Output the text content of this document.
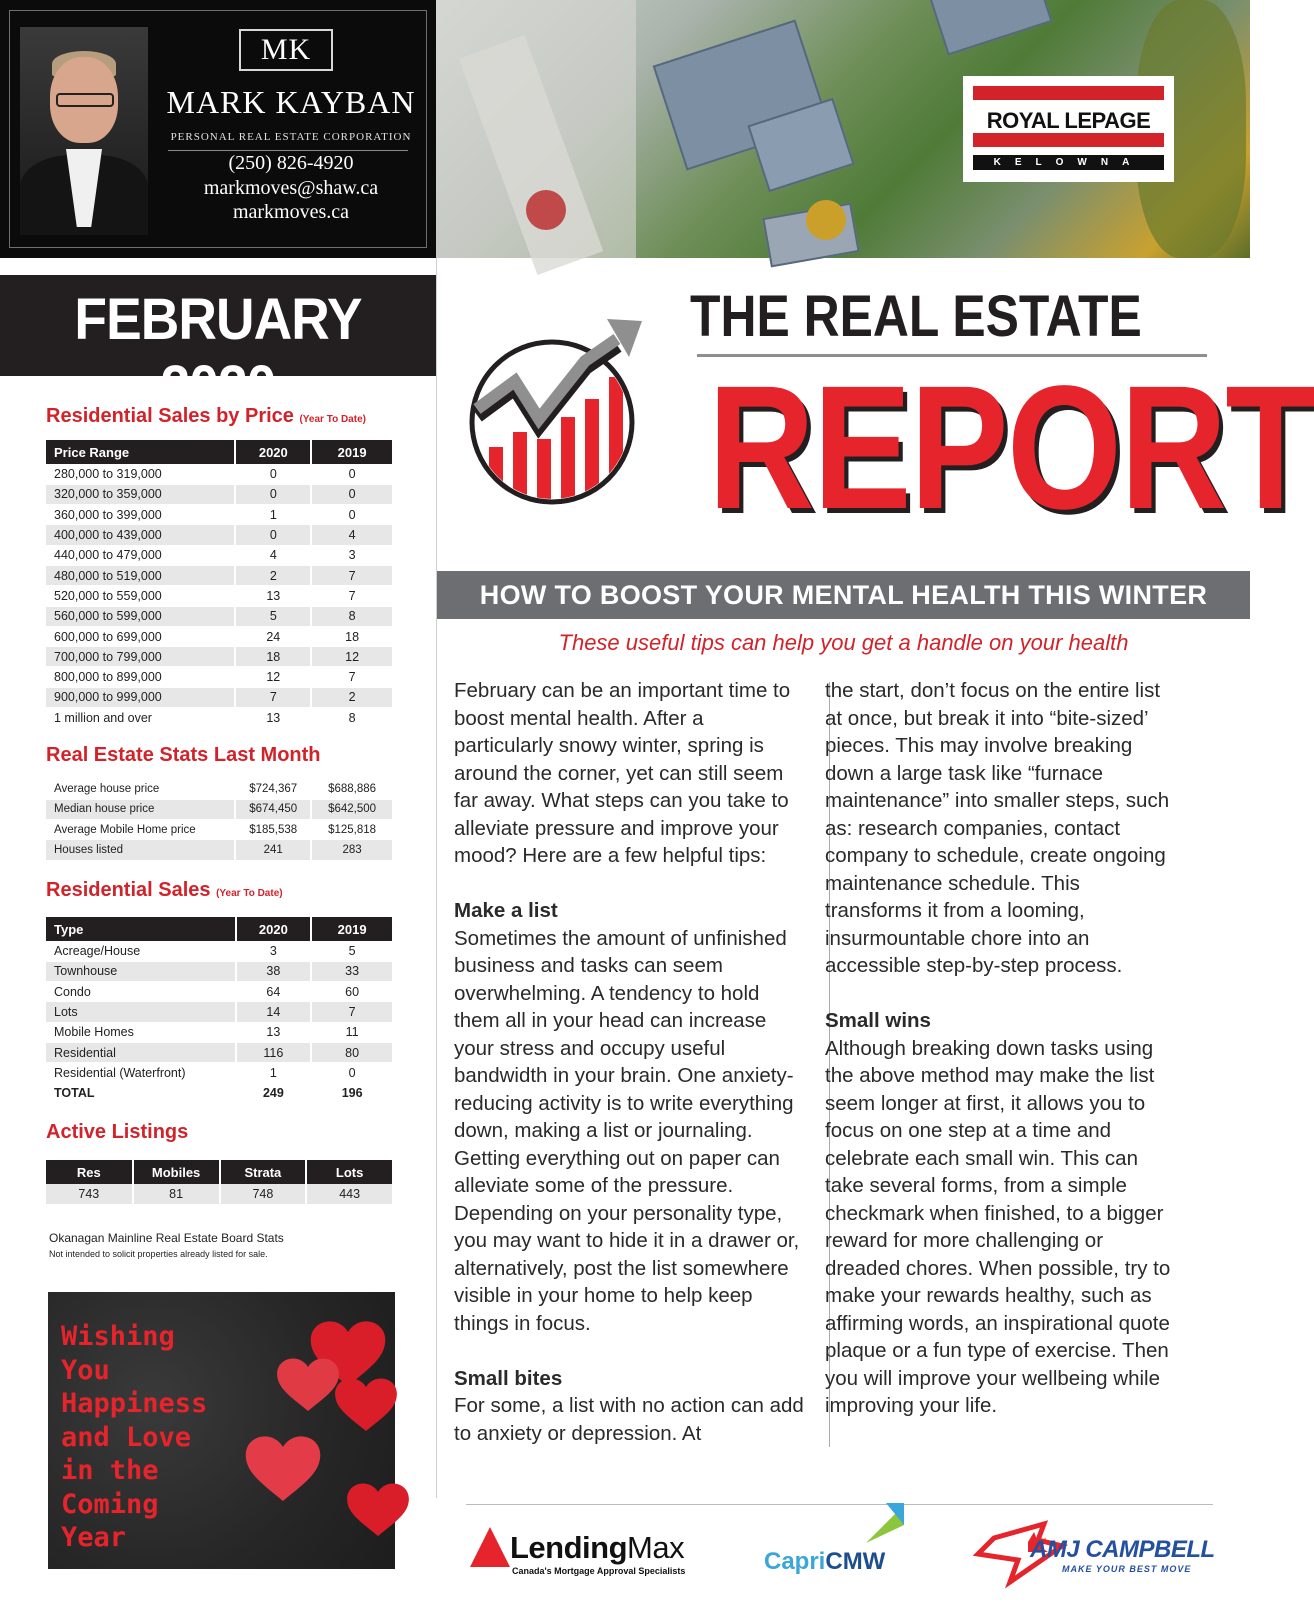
MK
MARK KAYBAN
PERSONAL REAL ESTATE CORPORATION
(250) 826-4920
markmoves@shaw.ca
markmoves.ca
ROYAL LEPAGE
KELOWNA
FEBRUARY 2020
Residential Sales by Price (Year To Date)
Price Range	2020	2019
280,000 to 319,000	0	0
320,000 to 359,000	0	0
360,000 to 399,000	1	0
400,000 to 439,000	0	4
440,000 to 479,000	4	3
480,000 to 519,000	2	7
520,000 to 559,000	13	7
560,000 to 599,000	5	8
600,000 to 699,000	24	18
700,000 to 799,000	18	12
800,000 to 899,000	12	7
900,000 to 999,000	7	2
1 million and over	13	8
Real Estate Stats Last Month
Average house price	$724,367	$688,886
Median house price	$674,450	$642,500
Average Mobile Home price	$185,538	$125,818
Houses listed	241	283
Residential Sales (Year To Date)
Type	2020	2019
Acreage/House	3	5
Townhouse	38	33
Condo	64	60
Lots	14	7
Mobile Homes	13	11
Residential	116	80
Residential (Waterfront)	1	0
TOTAL	249	196
Active Listings
Res	Mobiles	Strata	Lots
743	81	748	443
Okanagan Mainline Real Estate Board Stats
Not intended to solicit properties already listed for sale.
Wishing
You
Happiness
and Love
in the
Coming
Year
THE REAL ESTATE
REPORT
HOW TO BOOST YOUR MENTAL HEALTH THIS WINTER
These useful tips can help you get a handle on your health

February can be an important time to boost mental health. After a particularly snowy winter, spring is around the corner, yet can still seem far away. What steps can you take to alleviate pressure and improve your mood? Here are a few helpful tips:

Make a list

Sometimes the amount of unfinished business and tasks can seem overwhelming. A tendency to hold them all in your head can increase your stress and occupy useful bandwidth in your brain. One anxiety-reducing activity is to write everything down, making a list or journaling. Getting everything out on paper can alleviate some of the pressure. Depending on your personality type, you may want to hide it in a drawer or, alternatively, post the list somewhere visible in your home to help keep things in focus.

Small bites

For some, a list with no action can add to anxiety or depression. At

the start, don’t focus on the entire list at once, but break it into “bite-sized’ pieces. This may involve breaking down a large task like “furnace maintenance” into smaller steps, such as: research companies, contact company to schedule, create ongoing maintenance schedule. This transforms it from a looming, insurmountable chore into an accessible step-by-step process.

Small wins

Although breaking down tasks using the above method may make the list seem longer at first, it allows you to focus on one step at a time and celebrate each small win. This can take several forms, from a simple checkmark when finished, to a bigger reward for more challenging or dreaded chores. When possible, try to make your rewards healthy, such as affirming words, an inspirational quote plaque or a fun type of exercise. Then you will improve your wellbeing while improving your life.

LendingMax
Canada's Mortgage Approval Specialists	CapriCMW	AMJ CAMPBELL
MAKE YOUR BEST MOVE
